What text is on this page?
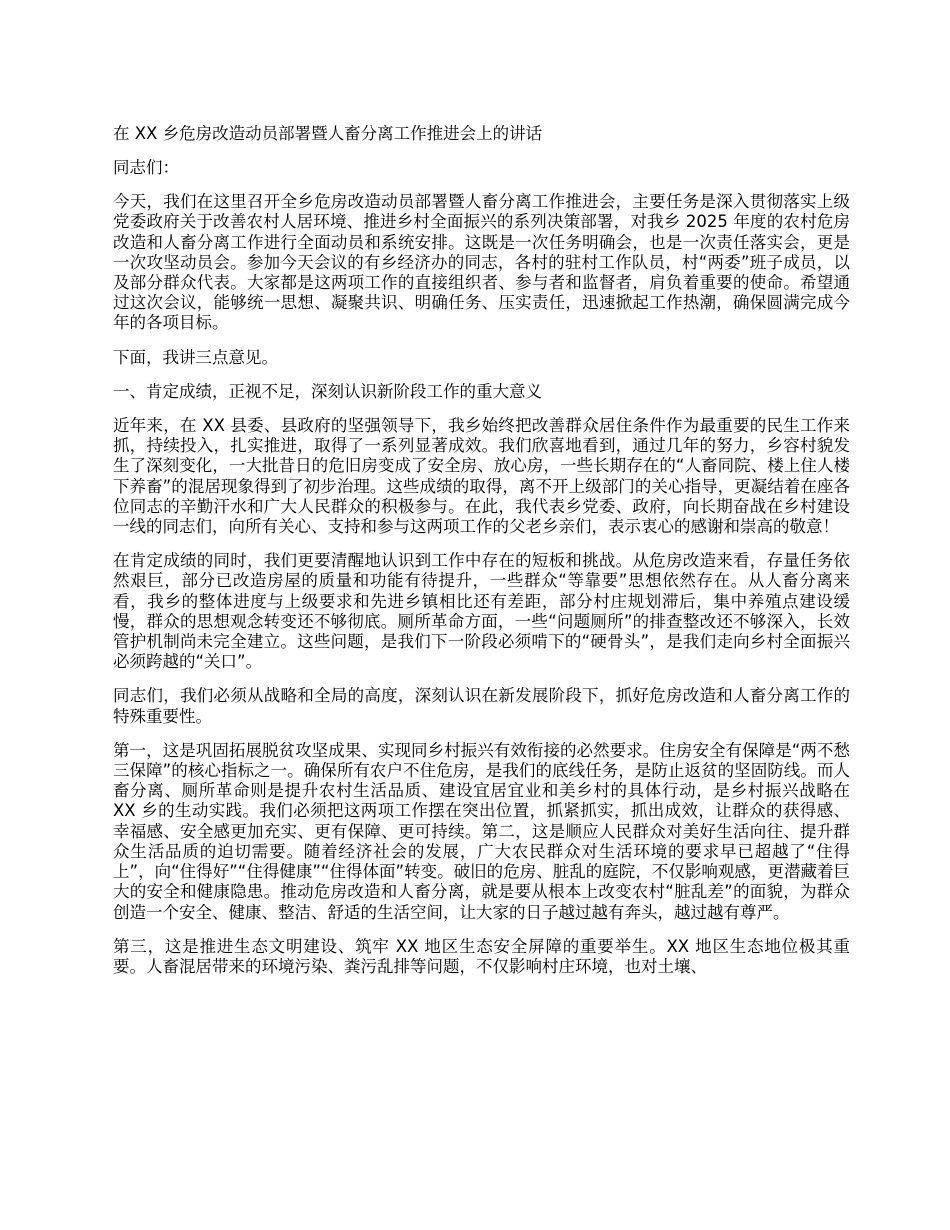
在 XX 乡危房改造动员部署暨人畜分离工作推进会上的讲话
同志们：
今天，我们在这里召开全乡危房改造动员部署暨人畜分离工作推进会，主要任务是深入贯彻落实上级党委政府关于改善农村人居环境、推进乡村全面振兴的系列决策部署，对我乡 2025 年度的农村危房改造和人畜分离工作进行全面动员和系统安排。这既是一次任务明确会，也是一次责任落实会，更是一次攻坚动员会。参加今天会议的有乡经济办的同志，各村的驻村工作队员，村“两委”班子成员，以及部分群众代表。大家都是这两项工作的直接组织者、参与者和监督者，肩负着重要的使命。希望通过这次会议，能够统一思想、凝聚共识、明确任务、压实责任，迅速掀起工作热潮，确保圆满完成今年的各项目标。
下面，我讲三点意见。
一、肯定成绩，正视不足，深刻认识新阶段工作的重大意义
近年来，在 XX 县委、县政府的坚强领导下，我乡始终把改善群众居住条件作为最重要的民生工作来抓，持续投入，扎实推进，取得了一系列显著成效。我们欣喜地看到，通过几年的努力，乡容村貌发生了深刻变化，一大批昔日的危旧房变成了安全房、放心房，一些长期存在的“人畜同院、楼上住人楼下养畜”的混居现象得到了初步治理。这些成绩的取得，离不开上级部门的关心指导，更凝结着在座各位同志的辛勤汗水和广大人民群众的积极参与。在此，我代表乡党委、政府，向长期奋战在乡村建设一线的同志们，向所有关心、支持和参与这两项工作的父老乡亲们，表示衷心的感谢和崇高的敬意！
在肯定成绩的同时，我们更要清醒地认识到工作中存在的短板和挑战。从危房改造来看，存量任务依然艰巨，部分已改造房屋的质量和功能有待提升，一些群众“等靠要”思想依然存在。从人畜分离来看，我乡的整体进度与上级要求和先进乡镇相比还有差距，部分村庄规划滞后，集中养殖点建设缓慢，群众的思想观念转变还不够彻底。厕所革命方面，一些“问题厕所”的排查整改还不够深入，长效管护机制尚未完全建立。这些问题，是我们下一阶段必须啃下的“硬骨头”，是我们走向乡村全面振兴必须跨越的“关口”。
同志们，我们必须从战略和全局的高度，深刻认识在新发展阶段下，抓好危房改造和人畜分离工作的特殊重要性。
第一，这是巩固拓展脱贫攻坚成果、实现同乡村振兴有效衔接的必然要求。住房安全有保障是“两不愁三保障”的核心指标之一。确保所有农户不住危房，是我们的底线任务，是防止返贫的坚固防线。而人畜分离、厕所革命则是提升农村生活品质、建设宜居宜业和美乡村的具体行动，是乡村振兴战略在 XX 乡的生动实践。我们必须把这两项工作摆在突出位置，抓紧抓实，抓出成效，让群众的获得感、幸福感、安全感更加充实、更有保障、更可持续。第二，这是顺应人民群众对美好生活向往、提升群众生活品质的迫切需要。随着经济社会的发展，广大农民群众对生活环境的要求早已超越了“住得上”，向“住得好”“住得健康”“住得体面”转变。破旧的危房、脏乱的庭院，不仅影响观感，更潜藏着巨大的安全和健康隐患。推动危房改造和人畜分离，就是要从根本上改变农村“脏乱差”的面貌，为群众创造一个安全、健康、整洁、舒适的生活空间，让大家的日子越过越有奔头，越过越有尊严。
第三，这是推进生态文明建设、筑牢 XX 地区生态安全屏障的重要举生。XX 地区生态地位极其重要。人畜混居带来的环境污染、粪污乱排等问题，不仅影响村庄环境，也对土壤、
